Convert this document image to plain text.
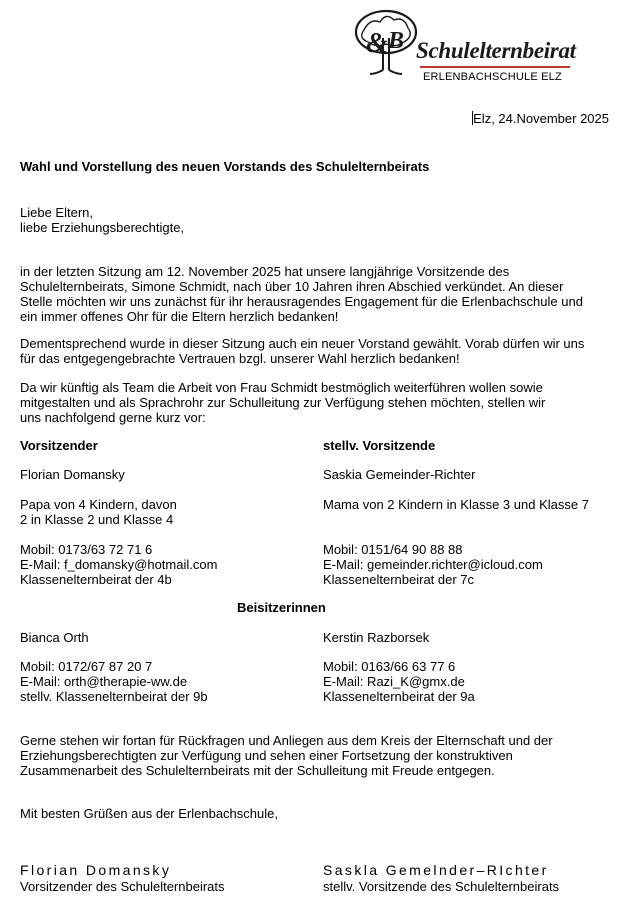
& B Schulelternbeirat
ERLENBACHSCHULE ELZ
Elz, 24.November 2025
Wahl und Vorstellung des neuen Vorstands des Schulelternbeirats
Liebe Eltern,
liebe Erziehungsberechtigte,
in der letzten Sitzung am 12. November 2025 hat unsere langjährige Vorsitzende des
Schulelternbeirats, Simone Schmidt, nach über 10 Jahren ihren Abschied verkündet. An dieser
Stelle möchten wir uns zunächst für ihr herausragendes Engagement für die Erlenbachschule und
ein immer offenes Ohr für die Eltern herzlich bedanken!
Dementsprechend wurde in dieser Sitzung auch ein neuer Vorstand gewählt. Vorab dürfen wir uns
für das entgegengebrachte Vertrauen bzgl. unserer Wahl herzlich bedanken!
Da wir künftig als Team die Arbeit von Frau Schmidt bestmöglich weiterführen wollen sowie
mitgestalten und als Sprachrohr zur Schulleitung zur Verfügung stehen möchten, stellen wir
uns nachfolgend gerne kurz vor:
Vorsitzender
Florian Domansky
Papa von 4 Kindern, davon
2 in Klasse 2 und Klasse 4
Mobil: 0173/63 72 71 6
E-Mail: f_domansky@hotmail.com
Klassenelternbeirat der 4b
stellv. Vorsitzende
Saskia Gemeinder-Richter
Mama von 2 Kindern in Klasse 3 und Klasse 7
Mobil: 0151/64 90 88 88
E-Mail: gemeinder.richter@icloud.com
Klassenelternbeirat der 7c
Beisitzerinnen
Bianca Orth
Mobil: 0172/67 87 20 7
E-Mail: orth@therapie-ww.de
stellv. Klassenelternbeirat der 9b
Kerstin Razborsek
Mobil: 0163/66 63 77 6
E-Mail: Razi_K@gmx.de
Klassenelternbeirat der 9a
Gerne stehen wir fortan für Rückfragen und Anliegen aus dem Kreis der Elternschaft und der
Erziehungsberechtigten zur Verfügung und sehen einer Fortsetzung der konstruktiven
Zusammenarbeit des Schulelternbeirats mit der Schulleitung mit Freude entgegen.
Mit besten Grüßen aus der Erlenbachschule,
Florian Domansky
Vorsitzender des Schulelternbeirats
Saskla Gemelnder–RIchter
stellv. Vorsitzende des Schulelternbeirats
